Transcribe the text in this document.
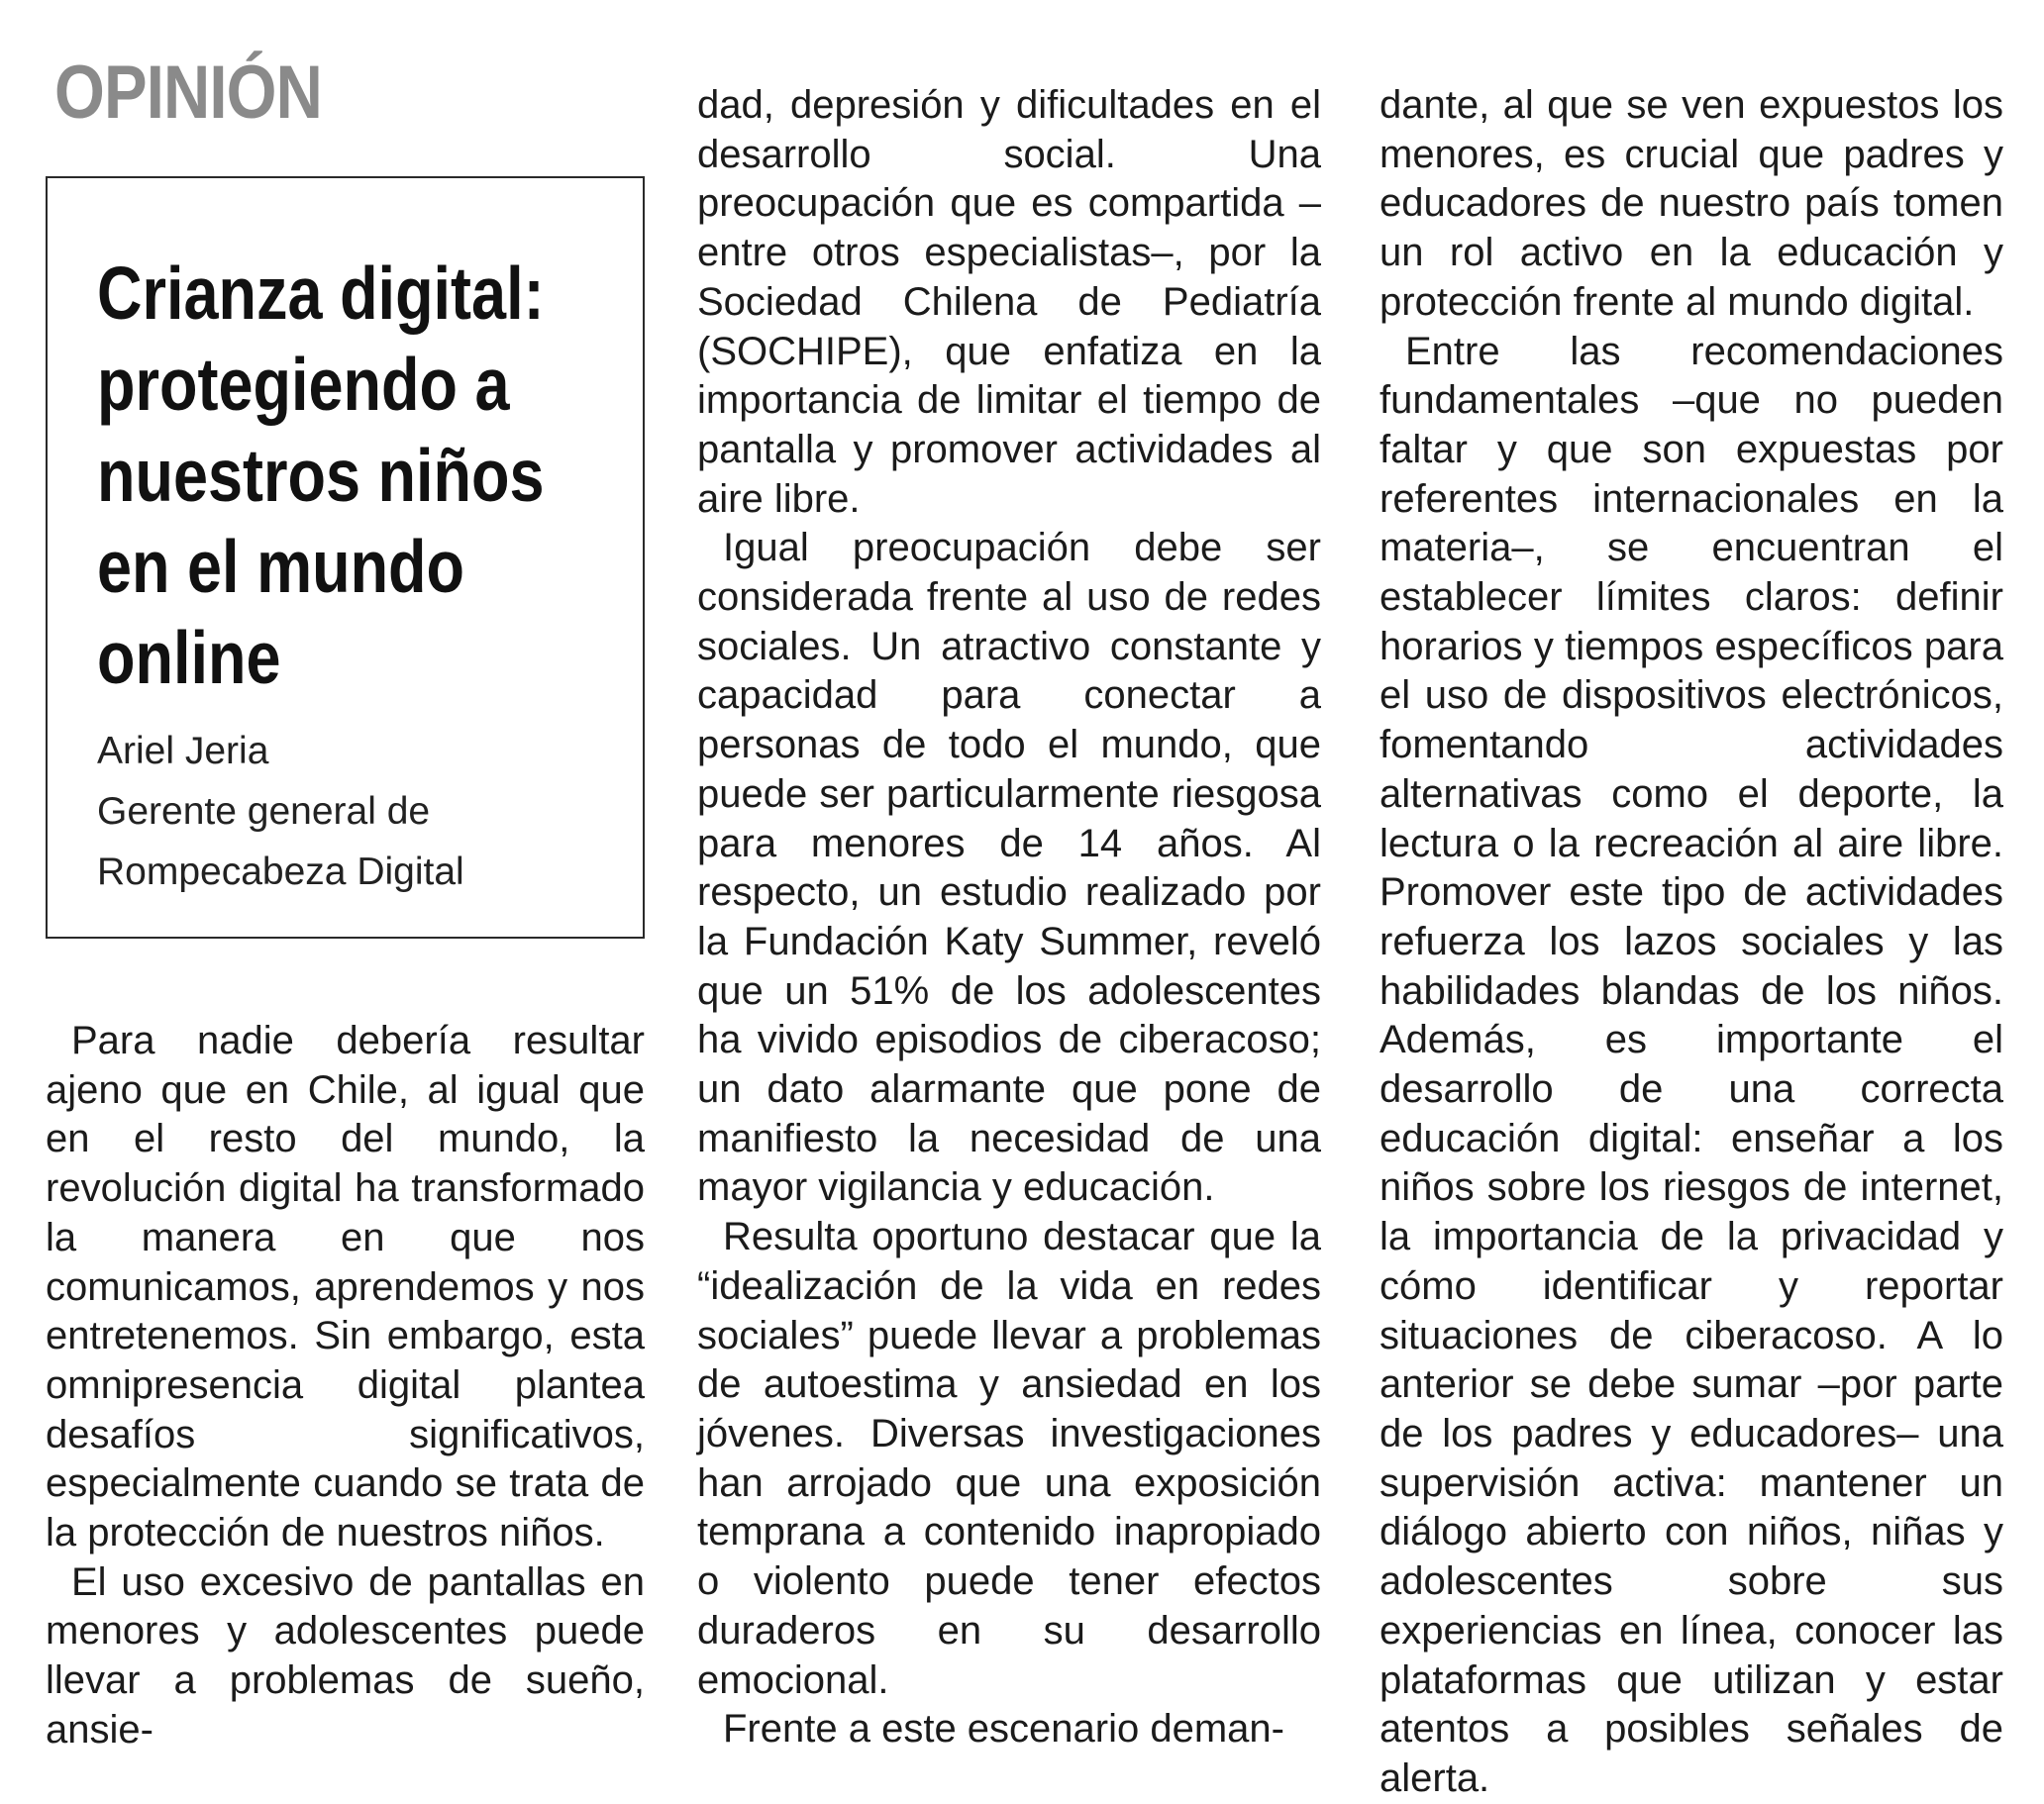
OPINIÓN
Crianza digital: protegiendo a nuestros niños en el mundo online
Ariel Jeria
Gerente general de
Rompecabeza Digital

Para nadie debería resultar ajeno que en Chile, al igual que en el resto del mundo, la revolución digital ha transformado la manera en que nos comunicamos, aprendemos y nos entretenemos. Sin embargo, esta omnipresencia digital plantea desafíos significativos, especialmente cuando se trata de la protección de nuestros niños.

El uso excesivo de pantallas en menores y adolescentes puede llevar a problemas de sueño, ansie-

dad, depresión y dificultades en el desarrollo social. Una preocupación que es compartida –entre otros especialistas–, por la Sociedad Chilena de Pediatría (SOCHIPE), que enfatiza en la importancia de limitar el tiempo de pantalla y promover actividades al aire libre.

Igual preocupación debe ser considerada frente al uso de redes sociales. Un atractivo constante y capacidad para conectar a personas de todo el mundo, que puede ser particularmente riesgosa para menores de 14 años. Al respecto, un estudio realizado por la Fundación Katy Summer, reveló que un 51% de los adolescentes ha vivido episodios de ciberacoso; un dato alarmante que pone de manifiesto la necesidad de una mayor vigilancia y educación.

Resulta oportuno destacar que la “idealización de la vida en redes sociales” puede llevar a problemas de autoestima y ansiedad en los jóvenes. Diversas investigaciones han arrojado que una exposición temprana a contenido inapropiado o violento puede tener efectos duraderos en su desarrollo emocional.

Frente a este escenario deman-

dante, al que se ven expuestos los menores, es crucial que padres y educadores de nuestro país tomen un rol activo en la educación y protección frente al mundo digital.

Entre las recomendaciones fundamentales –que no pueden faltar y que son expuestas por referentes internacionales en la materia–, se encuentran el establecer límites claros: definir horarios y tiempos específicos para el uso de dispositivos electrónicos, fomentando actividades alternativas como el deporte, la lectura o la recreación al aire libre. Promover este tipo de actividades refuerza los lazos sociales y las habilidades blandas de los niños. Además, es importante el desarrollo de una correcta educación digital: enseñar a los niños sobre los riesgos de internet, la importancia de la privacidad y cómo identificar y reportar situaciones de ciberacoso. A lo anterior se debe sumar –por parte de los padres y educadores– una supervisión activa: mantener un diálogo abierto con niños, niñas y adolescentes sobre sus experiencias en línea, conocer las plataformas que utilizan y estar atentos a posibles señales de alerta.
